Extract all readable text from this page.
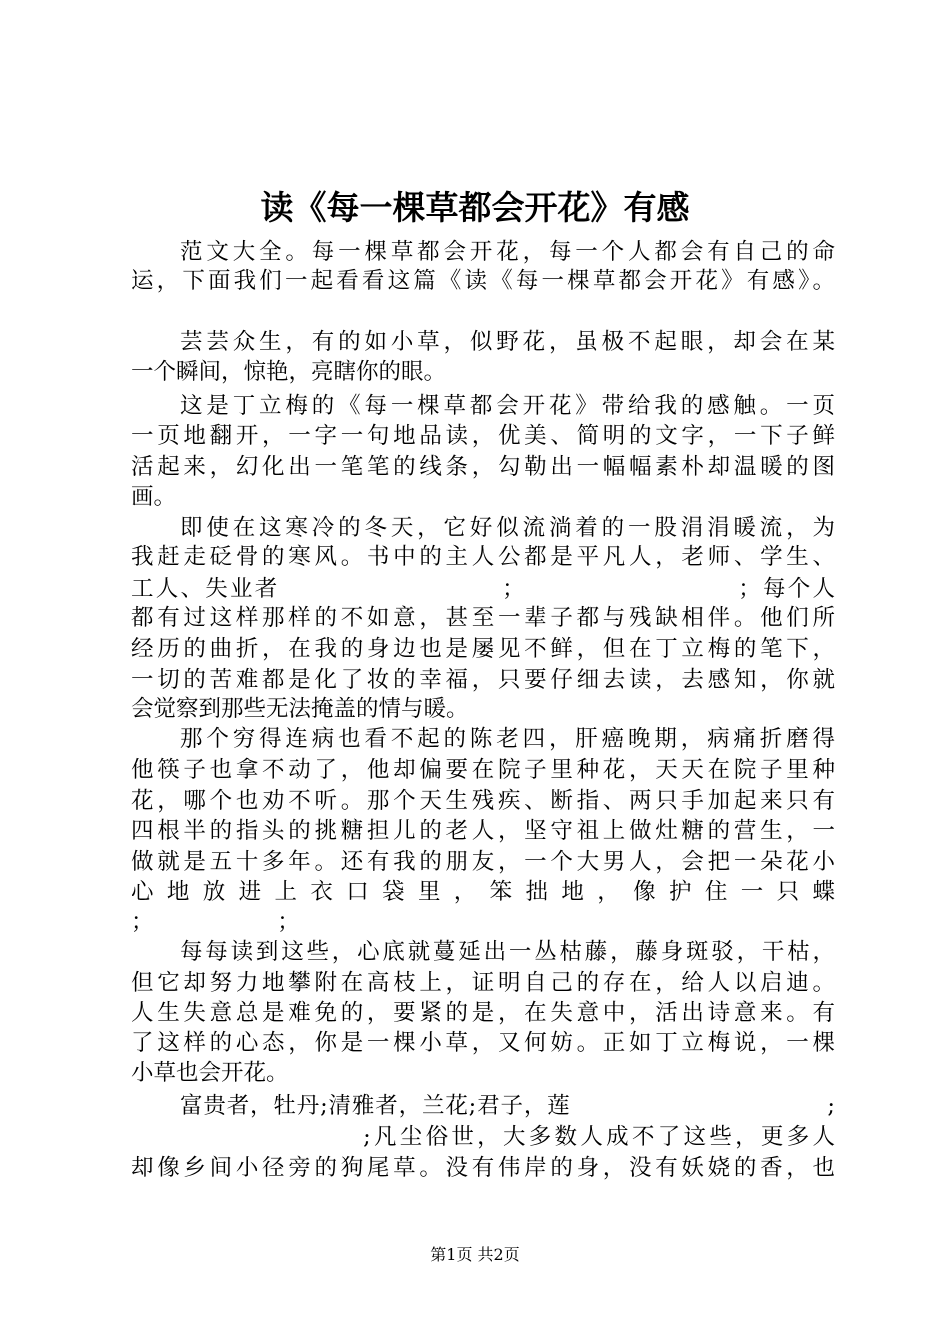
读《每一棵草都会开花》有感
范文大全。每一棵草都会开花，每一个人都会有自己的命
运，下面我们一起看看这篇《读《每一棵草都会开花》有感》。
芸芸众生，有的如小草，似野花，虽极不起眼，却会在某
一个瞬间，惊艳，亮瞎你的眼。
这是丁立梅的《每一棵草都会开花》带给我的感触。一页
一页地翻开，一字一句地品读，优美、简明的文字，一下子鲜
活起来，幻化出一笔笔的线条，勾勒出一幅幅素朴却温暖的图
画。
即使在这寒冷的冬天，它好似流淌着的一股涓涓暖流，为
我赶走砭骨的寒风。书中的主人公都是平凡人，老师、学生、
工人、失业者　　　　　　　　　；　　　　　　　　　；每个人
都有过这样那样的不如意，甚至一辈子都与残缺相伴。他们所
经历的曲折，在我的身边也是屡见不鲜，但在丁立梅的笔下，
一切的苦难都是化了妆的幸福，只要仔细去读，去感知，你就
会觉察到那些无法掩盖的情与暖。
那个穷得连病也看不起的陈老四，肝癌晚期，病痛折磨得
他筷子也拿不动了，他却偏要在院子里种花，天天在院子里种
花，哪个也劝不听。那个天生残疾、断指、两只手加起来只有
四根半的指头的挑糖担儿的老人，坚守祖上做灶糖的营生，一
做就是五十多年。还有我的朋友，一个大男人，会把一朵花小
心 地 放 进 上 衣 口 袋 里 ， 笨 拙 地 ， 像 护 住 一 只 蝶
；　　　　　　；
每每读到这些，心底就蔓延出一丛枯藤，藤身斑驳，干枯，
但它却努力地攀附在高枝上，证明自己的存在，给人以启迪。
人生失意总是难免的，要紧的是，在失意中，活出诗意来。有
了这样的心态，你是一棵小草，又何妨。正如丁立梅说，一棵
小草也会开花。
富贵者，牡丹;清雅者，兰花;君子，莲　　　　　　　　　　　;
　　　　　　　　　;凡尘俗世，大多数人成不了这些，更多人
却像乡间小径旁的狗尾草。没有伟岸的身，没有妖娆的香，也
第1页 共2页
